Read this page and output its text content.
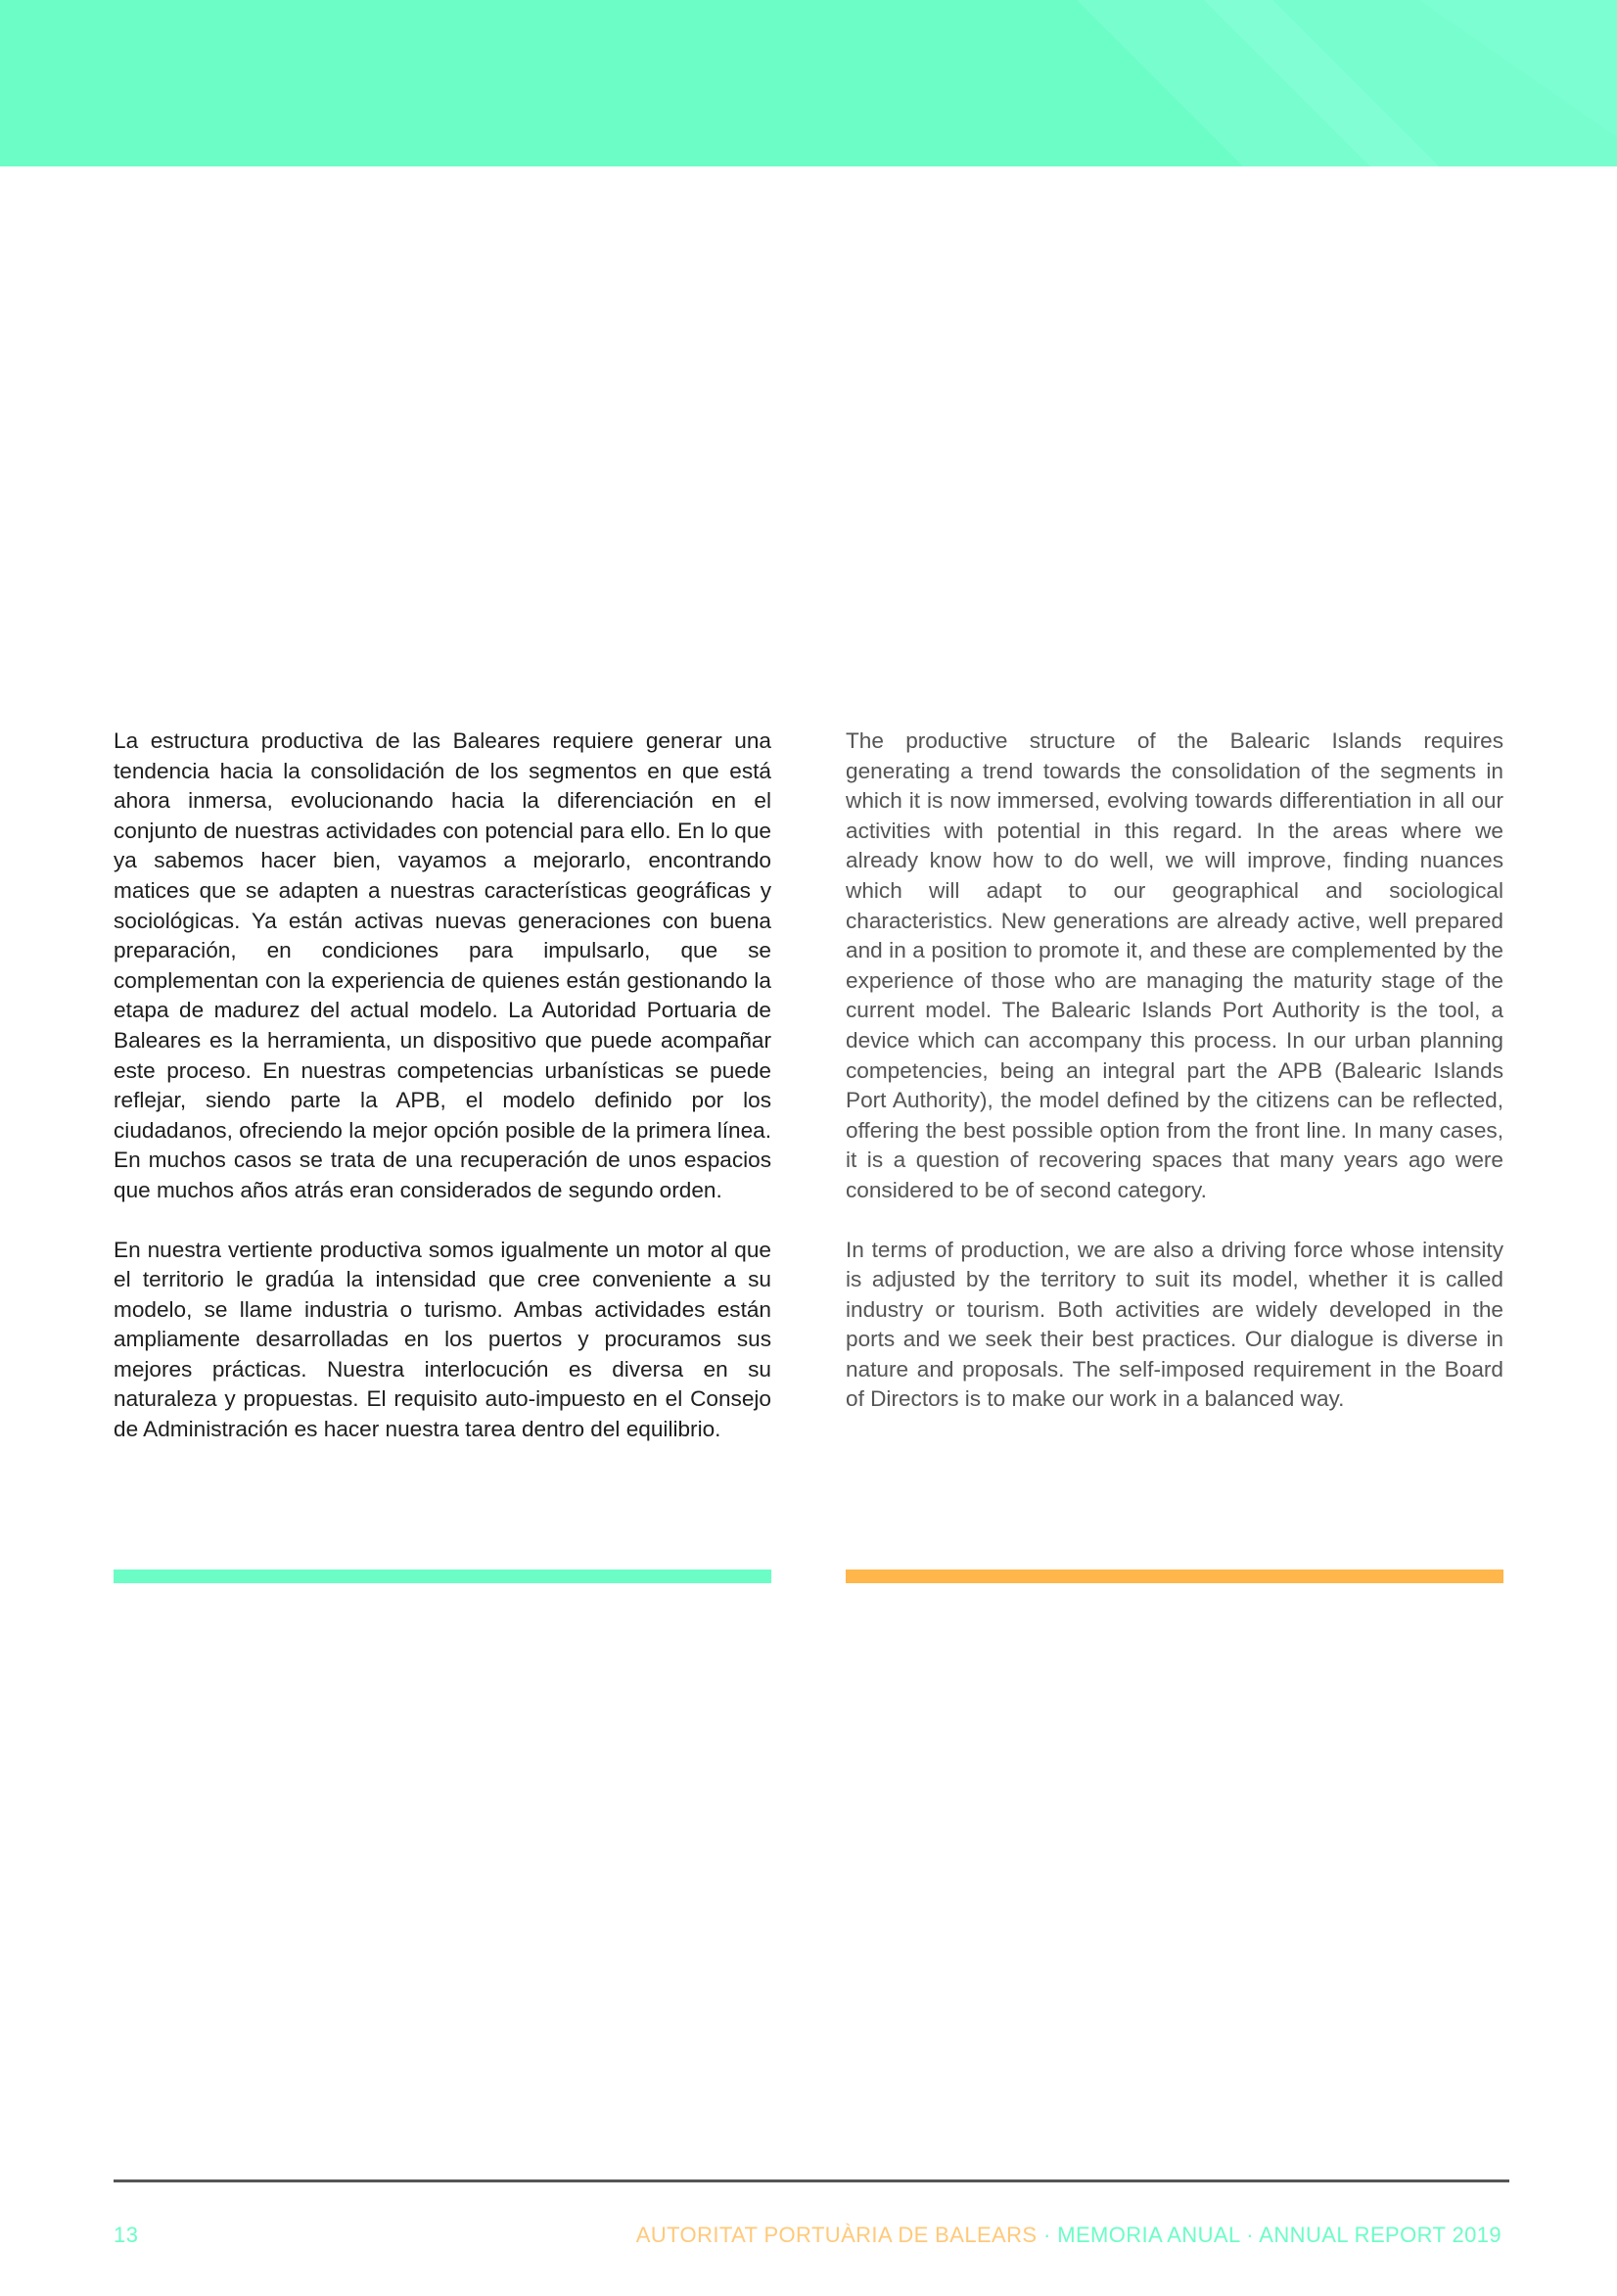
La estructura productiva de las Baleares requiere generar una tendencia hacia la consolidación de los segmentos en que está ahora inmersa, evolucionando hacia la diferenciación en el conjunto de nuestras actividades con potencial para ello. En lo que ya sabemos hacer bien, vayamos a mejorarlo, encontrando matices que se adapten a nuestras características geográficas y sociológicas. Ya están activas nuevas generaciones con buena preparación, en condiciones para impulsarlo, que se complementan con la experiencia de quienes están gestionando la etapa de madurez del actual modelo. La Autoridad Portuaria de Baleares es la herramienta, un dispositivo que puede acompañar este proceso. En nuestras competencias urbanísticas se puede reflejar, siendo parte la APB, el modelo definido por los ciudadanos, ofreciendo la mejor opción posible de la primera línea. En muchos casos se trata de una recuperación de unos espacios que muchos años atrás eran considerados de segundo orden.

En nuestra vertiente productiva somos igualmente un motor al que el territorio le gradúa la intensidad que cree conveniente a su modelo, se llame industria o turismo. Ambas actividades están ampliamente desarrolladas en los puertos y procuramos sus mejores prácticas. Nuestra interlocución es diversa en su naturaleza y propuestas. El requisito auto-impuesto en el Consejo de Administración es hacer nuestra tarea dentro del equilibrio.

The productive structure of the Balearic Islands requires generating a trend towards the consolidation of the segments in which it is now immersed, evolving towards differentiation in all our activities with potential in this regard. In the areas where we already know how to do well, we will improve, finding nuances which will adapt to our geographical and sociological characteristics. New generations are already active, well prepared and in a position to promote it, and these are complemented by the experience of those who are managing the maturity stage of the current model. The Balearic Islands Port Authority is the tool, a device which can accompany this process. In our urban planning competencies, being an integral part the APB (Balearic Islands Port Authority), the model defined by the citizens can be reflected, offering the best possible option from the front line. In many cases, it is a question of recovering spaces that many years ago were considered to be of second category.

In terms of production, we are also a driving force whose intensity is adjusted by the territory to suit its model, whether it is called industry or tourism. Both activities are widely developed in the ports and we seek their best practices. Our dialogue is diverse in nature and proposals. The self-imposed requirement in the Board of Directors is to make our work in a balanced way.

13	AUTORITAT PORTUÀRIA DE BALEARS · MEMORIA ANUAL · ANNUAL REPORT 2019
